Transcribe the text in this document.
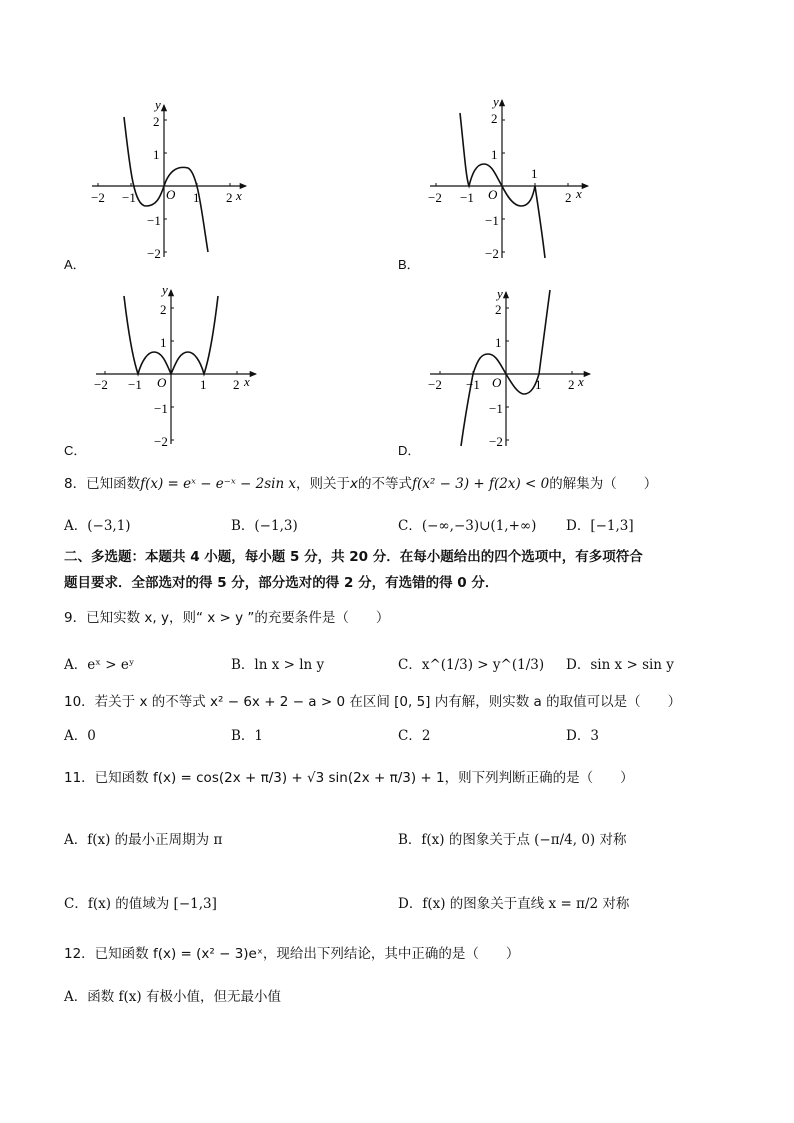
y
x
O
−2 −1	1 2
2
1
−1
−2
y
x
O
−2 −1
1
2
2
1
−1
−2
y
x
O
−2 −1	1 2
2
1
−1
−2
y
x
O
−2 −1	1 2
2
1
−1
−2
A．	B．
C．	D．
8．已知函数f(x) = eˣ − e⁻ˣ − 2sin x，则关于x的不等式f(x² − 3) + f(2x) < 0的解集为（　　）
A．(−3,1)	B．(−1,3)	C．(−∞,−3)∪(1,+∞) D．[−1,3]
二、多选题：本题共 4 小题，每小题 5 分，共 20 分．在每小题给出的四个选项中，有多项符合
题目要求．全部选对的得 5 分，部分选对的得 2 分，有选错的得 0 分．
9．已知实数 x, y，则“ x > y ”的充要条件是（　　）
A．eˣ > eʸ	B．ln x > ln y	C．x^(1/3) > y^(1/3) D．sin x > sin y
10．若关于 x 的不等式 x² − 6x + 2 − a > 0 在区间 [0, 5] 内有解，则实数 a 的取值可以是（　　）
A．0	B．1	C．2	D．3
11．已知函数 f(x) = cos(2x + π/3) + √3 sin(2x + π/3) + 1，则下列判断正确的是（　　）
A．f(x) 的最小正周期为 π	B．f(x) 的图象关于点 (−π/4, 0) 对称
C．f(x) 的值域为 [−1,3]	D．f(x) 的图象关于直线 x = π/2 对称
12．已知函数 f(x) = (x² − 3)eˣ，现给出下列结论，其中正确的是（　　）
A．函数 f(x) 有极小值，但无最小值
